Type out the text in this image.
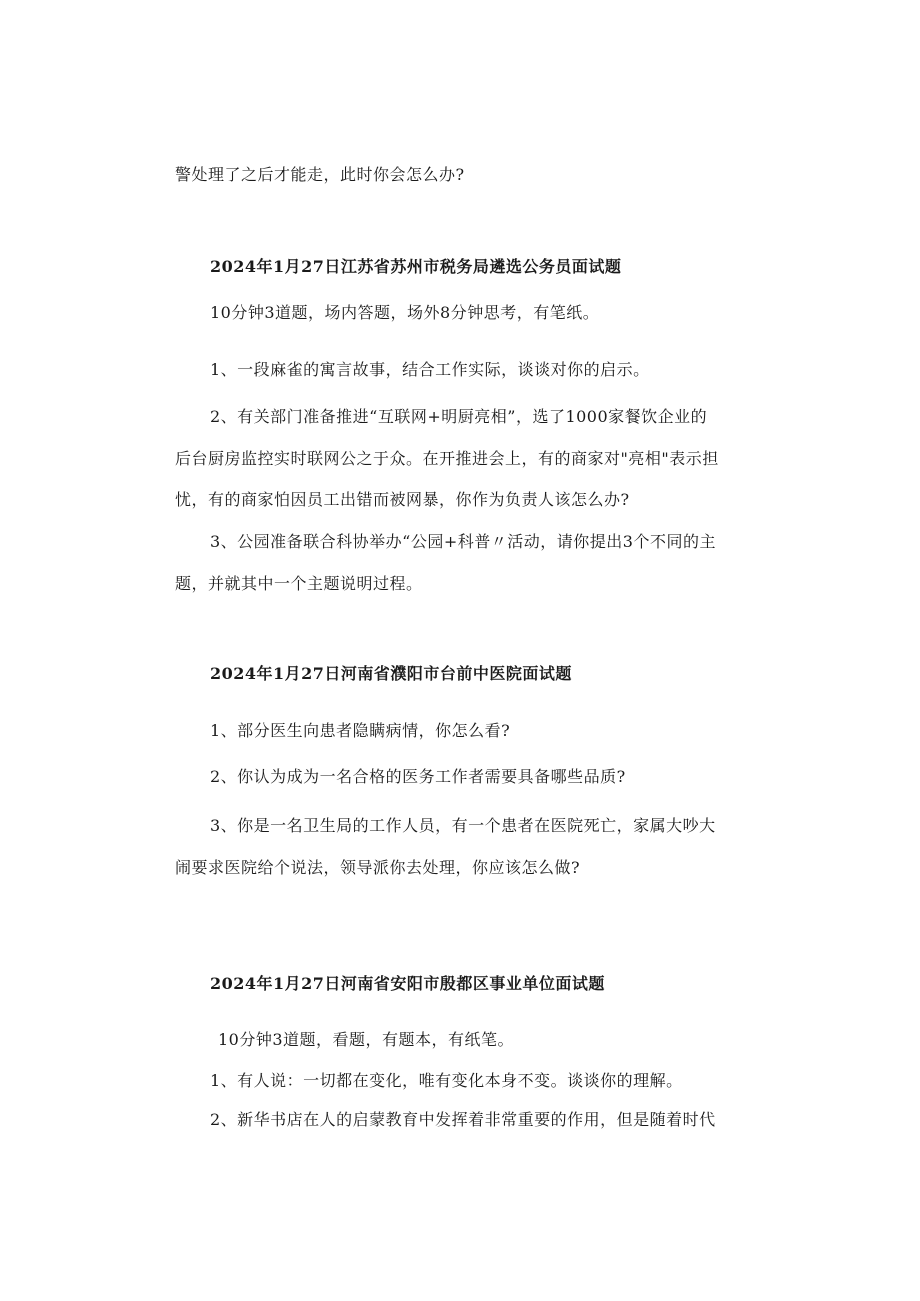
警处理了之后才能走，此时你会怎么办?
2024年1月27日江苏省苏州市税务局遴选公务员面试题
10分钟3道题，场内答题，场外8分钟思考，有笔纸。
1、一段麻雀的寓言故事，结合工作实际，谈谈对你的启示。
2、有关部门准备推进“互联网+明厨亮相”，选了1000家餐饮企业的
后台厨房监控实时联网公之于众。在开推进会上，有的商家对"亮相"表示担
忧，有的商家怕因员工出错而被网暴，你作为负责人该怎么办?
3、公园准备联合科协举办“公园+科普〃活动，请你提出3个不同的主
题，并就其中一个主题说明过程。
2024年1月27日河南省濮阳市台前中医院面试题
1、部分医生向患者隐瞒病情，你怎么看?
2、你认为成为一名合格的医务工作者需要具备哪些品质?
3、你是一名卫生局的工作人员，有一个患者在医院死亡，家属大吵大
闹要求医院给个说法，领导派你去处理，你应该怎么做?
2024年1月27日河南省安阳市殷都区事业单位面试题
10分钟3道题，看题，有题本，有纸笔。
1、有人说：一切都在变化，唯有变化本身不变。谈谈你的理解。
2、新华书店在人的启蒙教育中发挥着非常重要的作用，但是随着时代
